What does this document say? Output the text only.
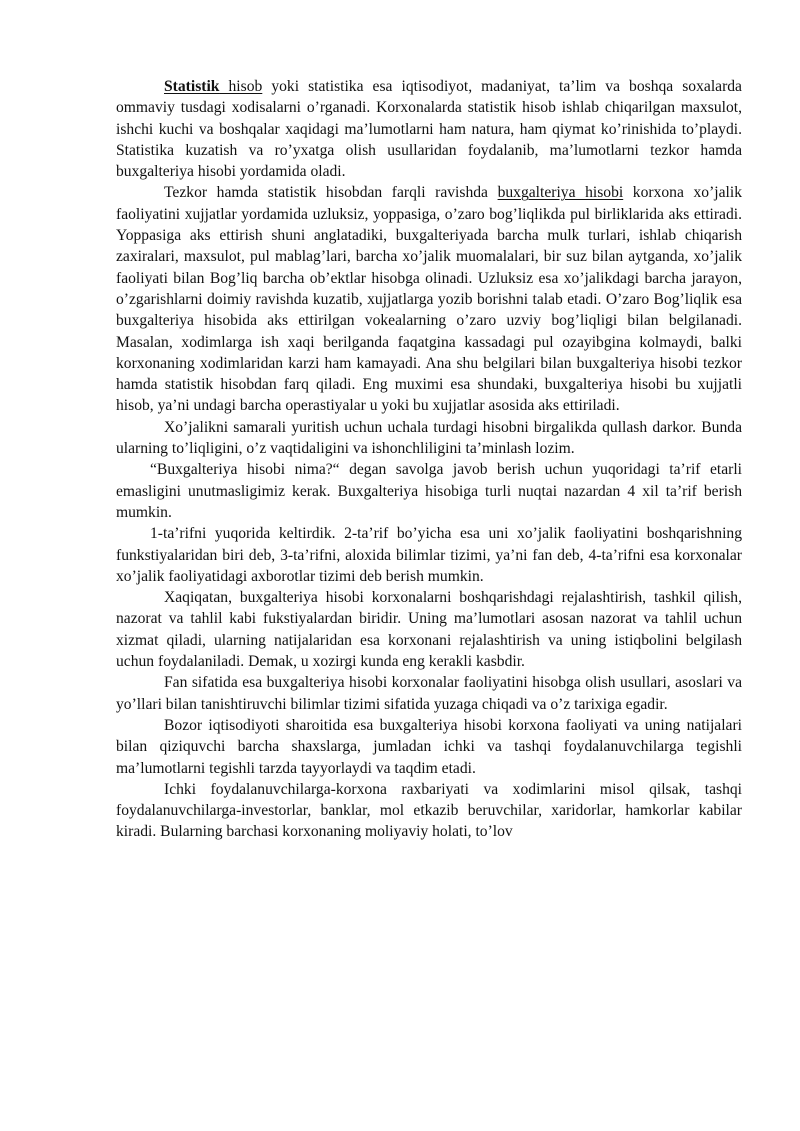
Statistik hisob yoki statistika esa iqtisodiyot, madaniyat, ta’lim va boshqa soxalarda ommaviy tusdagi xodisalarni o’rganadi. Korxonalarda statistik hisob ishlab chiqarilgan maxsulot, ishchi kuchi va boshqalar xaqidagi ma’lumotlarni ham natura, ham qiymat ko’rinishida to’playdi. Statistika kuzatish va ro’yxatga olish usullaridan foydalanib, ma’lumotlarni tezkor hamda buxgalteriya hisobi yordamida oladi.

Tezkor hamda statistik hisobdan farqli ravishda buxgalteriya hisobi korxona xo’jalik faoliyatini xujjatlar yordamida uzluksiz, yoppasiga, o’zaro bog’liqlikda pul birliklarida aks ettiradi. Yoppasiga aks ettirish shuni anglatadiki, buxgalteriyada barcha mulk turlari, ishlab chiqarish zaxiralari, maxsulot, pul mablag’lari, barcha xo’jalik muomalalari, bir suz bilan aytganda, xo’jalik faoliyati bilan Bog’liq barcha ob’ektlar hisobga olinadi. Uzluksiz esa xo’jalikdagi barcha jarayon, o’zgarishlarni doimiy ravishda kuzatib, xujjatlarga yozib borishni talab etadi. O’zaro Bog’liqlik esa buxgalteriya hisobida aks ettirilgan vokealarning o’zaro uzviy bog’liqligi bilan belgilanadi. Masalan, xodimlarga ish xaqi berilganda faqatgina kassadagi pul ozayibgina kolmaydi, balki korxonaning xodimlaridan karzi ham kamayadi. Ana shu belgilari bilan buxgalteriya hisobi tezkor hamda statistik hisobdan farq qiladi. Eng muximi esa shundaki, buxgalteriya hisobi bu xujjatli hisob, ya’ni undagi barcha operastiyalar u yoki bu xujjatlar asosida aks ettiriladi.

Xo’jalikni samarali yuritish uchun uchala turdagi hisobni birgalikda qullash darkor. Bunda ularning to’liqligini, o’z vaqtidaligini va ishonchliligini ta’minlash lozim.

“Buxgalteriya hisobi nima?“ degan savolga javob berish uchun yuqoridagi ta’rif etarli emasligini unutmasligimiz kerak. Buxgalteriya hisobiga turli nuqtai nazardan 4 xil ta’rif berish mumkin.

1-ta’rifni yuqorida keltirdik. 2-ta’rif bo’yicha esa uni xo’jalik faoliyatini boshqarishning funkstiyalaridan biri deb, 3-ta’rifni, aloxida bilimlar tizimi, ya’ni fan deb, 4-ta’rifni esa korxonalar xo’jalik faoliyatidagi axborotlar tizimi deb berish mumkin.

Xaqiqatan, buxgalteriya hisobi korxonalarni boshqarishdagi rejalashtirish, tashkil qilish, nazorat va tahlil kabi fukstiyalardan biridir. Uning ma’lumotlari asosan nazorat va tahlil uchun xizmat qiladi, ularning natijalaridan esa korxonani rejalashtirish va uning istiqbolini belgilash uchun foydalaniladi. Demak, u xozirgi kunda eng kerakli kasbdir.

Fan sifatida esa buxgalteriya hisobi korxonalar faoliyatini hisobga olish usullari, asoslari va yo’llari bilan tanishtiruvchi bilimlar tizimi sifatida yuzaga chiqadi va o’z tarixiga egadir.

Bozor iqtisodiyoti sharoitida esa buxgalteriya hisobi korxona faoliyati va uning natijalari bilan qiziquvchi barcha shaxslarga, jumladan ichki va tashqi foydalanuvchilarga tegishli ma’lumotlarni tegishli tarzda tayyorlaydi va taqdim etadi.

Ichki foydalanuvchilarga-korxona raxbariyati va xodimlarini misol qilsak, tashqi foydalanuvchilarga-investorlar, banklar, mol etkazib beruvchilar, xaridorlar, hamkorlar kabilar kiradi. Bularning barchasi korxonaning moliyaviy holati, to’lov
